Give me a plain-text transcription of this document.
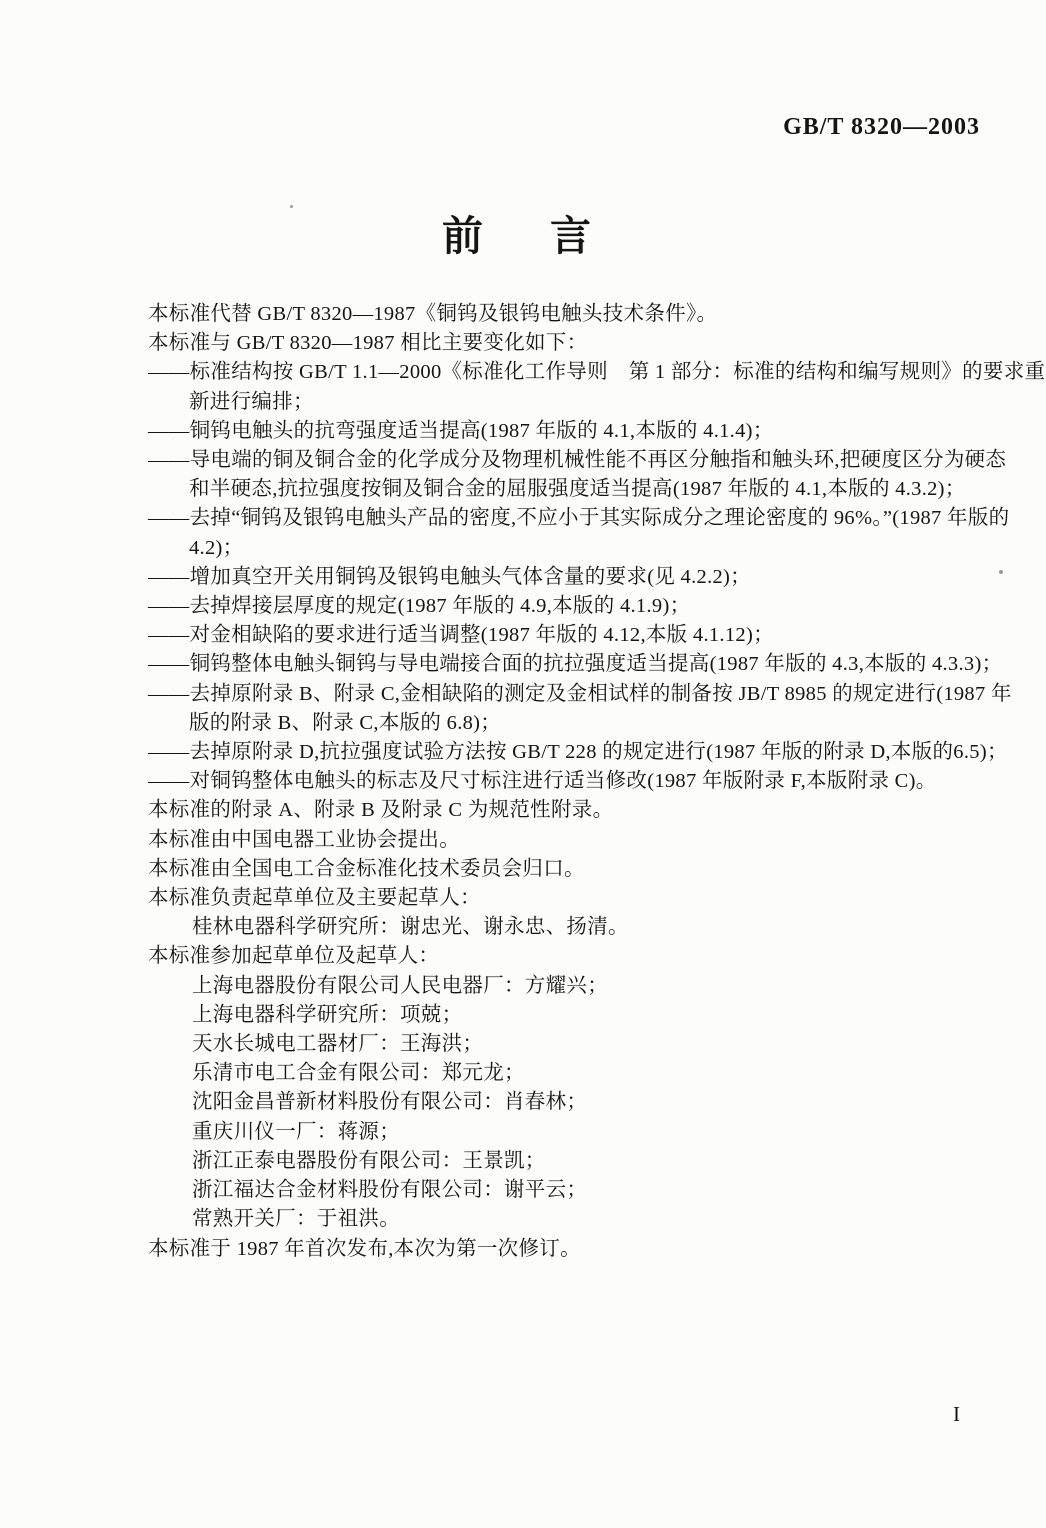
GB/T 8320—2003
前　言
本标准代替 GB/T 8320—1987《铜钨及银钨电触头技术条件》。
本标准与 GB/T 8320—1987 相比主要变化如下：
——标准结构按 GB/T 1.1—2000《标准化工作导则　第 1 部分：标准的结构和编写规则》的要求重
新进行编排；
——铜钨电触头的抗弯强度适当提高(1987 年版的 4.1,本版的 4.1.4)；
——导电端的铜及铜合金的化学成分及物理机械性能不再区分触指和触头环,把硬度区分为硬态
和半硬态,抗拉强度按铜及铜合金的屈服强度适当提高(1987 年版的 4.1,本版的 4.3.2)；
——去掉“铜钨及银钨电触头产品的密度,不应小于其实际成分之理论密度的 96%。”(1987 年版的
4.2)；
——增加真空开关用铜钨及银钨电触头气体含量的要求(见 4.2.2)；
——去掉焊接层厚度的规定(1987 年版的 4.9,本版的 4.1.9)；
——对金相缺陷的要求进行适当调整(1987 年版的 4.12,本版 4.1.12)；
——铜钨整体电触头铜钨与导电端接合面的抗拉强度适当提高(1987 年版的 4.3,本版的 4.3.3)；
——去掉原附录 B、附录 C,金相缺陷的测定及金相试样的制备按 JB/T 8985 的规定进行(1987 年
版的附录 B、附录 C,本版的 6.8)；
——去掉原附录 D,抗拉强度试验方法按 GB/T 228 的规定进行(1987 年版的附录 D,本版的6.5)；
——对铜钨整体电触头的标志及尺寸标注进行适当修改(1987 年版附录 F,本版附录 C)。
本标准的附录 A、附录 B 及附录 C 为规范性附录。
本标准由中国电器工业协会提出。
本标准由全国电工合金标准化技术委员会归口。
本标准负责起草单位及主要起草人：
桂林电器科学研究所：谢忠光、谢永忠、扬清。
本标准参加起草单位及起草人：
上海电器股份有限公司人民电器厂：方耀兴；
上海电器科学研究所：项兢；
天水长城电工器材厂：王海洪；
乐清市电工合金有限公司：郑元龙；
沈阳金昌普新材料股份有限公司：肖春林；
重庆川仪一厂：蒋源；
浙江正泰电器股份有限公司：王景凯；
浙江福达合金材料股份有限公司：谢平云；
常熟开关厂：于祖洪。
本标准于 1987 年首次发布,本次为第一次修订。
I
